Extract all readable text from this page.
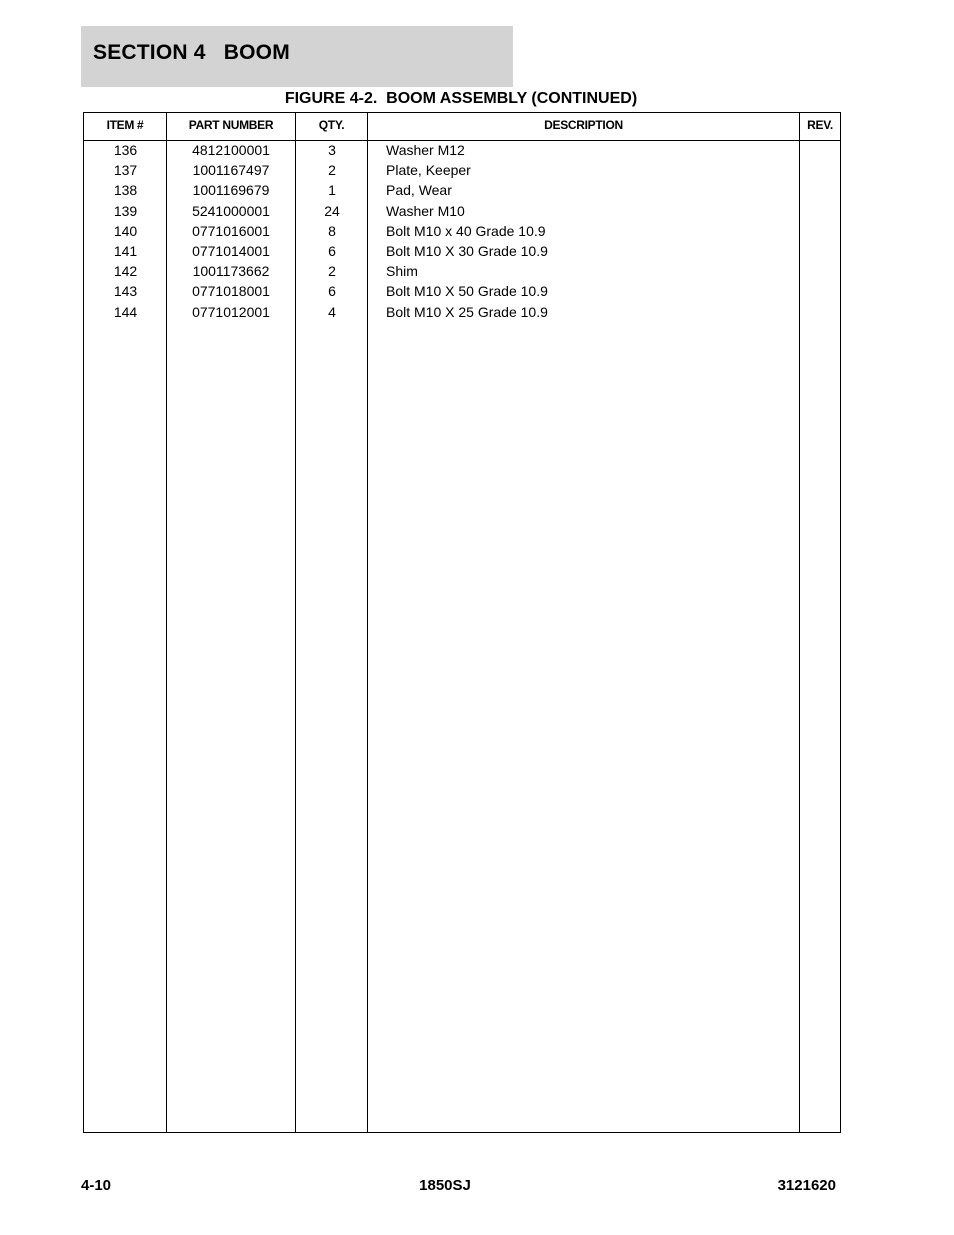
SECTION 4   BOOM
FIGURE 4-2.  BOOM ASSEMBLY (CONTINUED)
ITEM #	PART NUMBER	QTY.	DESCRIPTION	REV.
136	4812100001	3	Washer M12
137	1001167497	2	Plate, Keeper
138	1001169679	1	Pad, Wear
139	5241000001	24	Washer M10
140	0771016001	8	Bolt M10 x 40 Grade 10.9
141	0771014001	6	Bolt M10 X 30 Grade 10.9
142	1001173662	2	Shim
143	0771018001	6	Bolt M10 X 50 Grade 10.9
144	0771012001	4	Bolt M10 X 25 Grade 10.9
4-10	1850SJ	3121620
